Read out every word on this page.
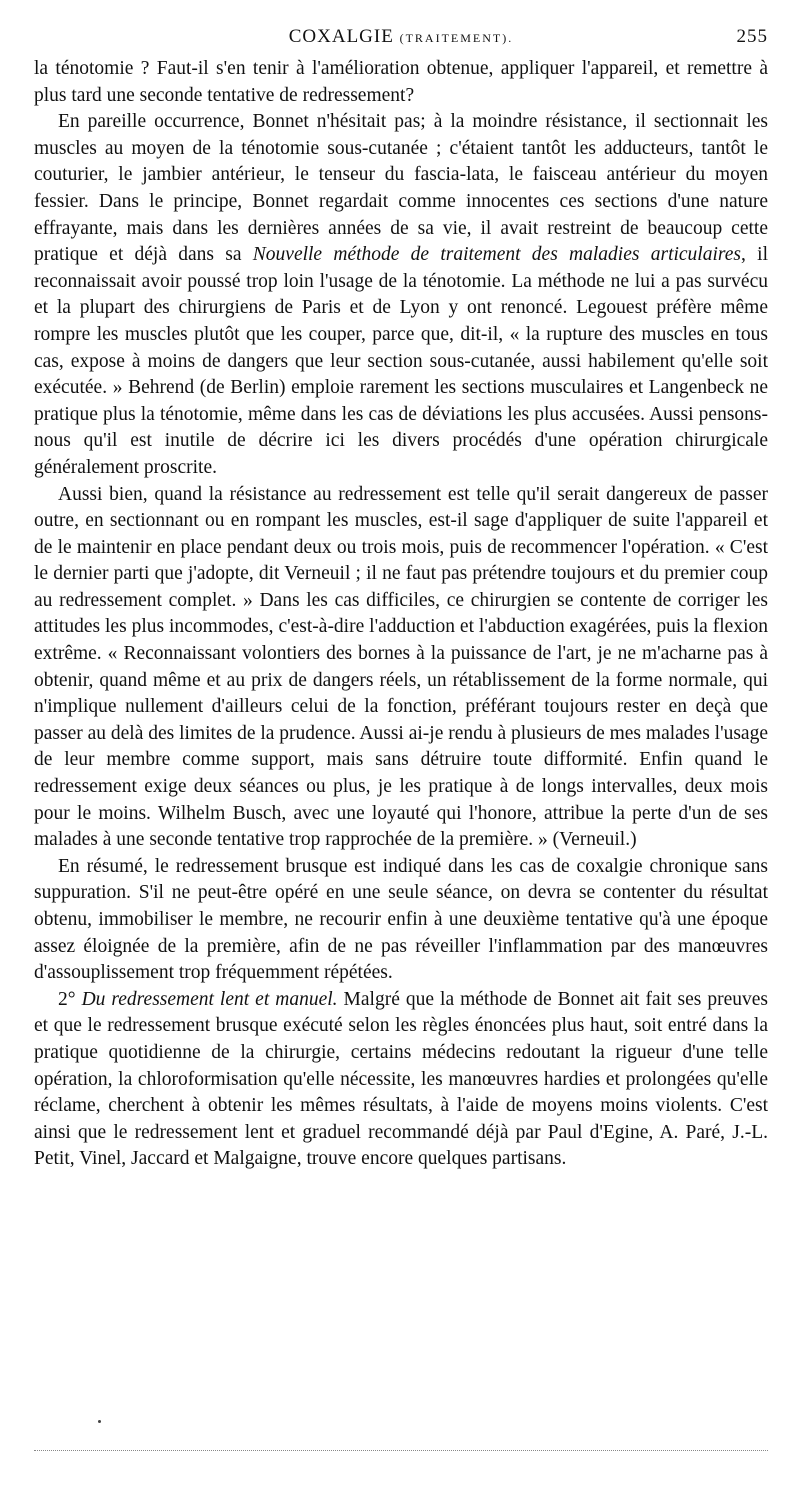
COXALGIE (TRAITEMENT).	255

la ténotomie ? Faut-il s'en tenir à l'amélioration obtenue, appliquer l'appareil, et remettre à plus tard une seconde tentative de redressement?

En pareille occurrence, Bonnet n'hésitait pas; à la moindre résistance, il sectionnait les muscles au moyen de la ténotomie sous-cutanée ; c'étaient tantôt les adducteurs, tantôt le couturier, le jambier antérieur, le tenseur du fascia-lata, le faisceau antérieur du moyen fessier. Dans le principe, Bonnet regardait comme innocentes ces sections d'une nature effrayante, mais dans les dernières années de sa vie, il avait restreint de beaucoup cette pratique et déjà dans sa Nouvelle méthode de traitement des maladies articulaires, il reconnaissait avoir poussé trop loin l'usage de la ténotomie. La méthode ne lui a pas survécu et la plupart des chirurgiens de Paris et de Lyon y ont renoncé. Legouest préfère même rompre les muscles plutôt que les couper, parce que, dit-il, « la rupture des muscles en tous cas, expose à moins de dangers que leur section sous-cutanée, aussi habilement qu'elle soit exécutée. » Behrend (de Berlin) emploie rarement les sections musculaires et Langenbeck ne pratique plus la ténotomie, même dans les cas de déviations les plus accusées. Aussi pensons-nous qu'il est inutile de décrire ici les divers procédés d'une opération chirurgicale généralement proscrite.

Aussi bien, quand la résistance au redressement est telle qu'il serait dangereux de passer outre, en sectionnant ou en rompant les muscles, est-il sage d'appliquer de suite l'appareil et de le maintenir en place pendant deux ou trois mois, puis de recommencer l'opération. « C'est le dernier parti que j'adopte, dit Verneuil ; il ne faut pas prétendre toujours et du premier coup au redressement complet. » Dans les cas difficiles, ce chirurgien se contente de corriger les attitudes les plus incommodes, c'est-à-dire l'adduction et l'abduction exagérées, puis la flexion extrême. « Reconnaissant volontiers des bornes à la puissance de l'art, je ne m'acharne pas à obtenir, quand même et au prix de dangers réels, un rétablissement de la forme normale, qui n'implique nullement d'ailleurs celui de la fonction, préférant toujours rester en deçà que passer au delà des limites de la prudence. Aussi ai-je rendu à plusieurs de mes malades l'usage de leur membre comme support, mais sans détruire toute difformité. Enfin quand le redressement exige deux séances ou plus, je les pratique à de longs intervalles, deux mois pour le moins. Wilhelm Busch, avec une loyauté qui l'honore, attribue la perte d'un de ses malades à une seconde tentative trop rapprochée de la première. » (Verneuil.)

En résumé, le redressement brusque est indiqué dans les cas de coxalgie chronique sans suppuration. S'il ne peut-être opéré en une seule séance, on devra se contenter du résultat obtenu, immobiliser le membre, ne recourir enfin à une deuxième tentative qu'à une époque assez éloignée de la première, afin de ne pas réveiller l'inflammation par des manœuvres d'assouplissement trop fréquemment répétées.

2° Du redressement lent et manuel. Malgré que la méthode de Bonnet ait fait ses preuves et que le redressement brusque exécuté selon les règles énoncées plus haut, soit entré dans la pratique quotidienne de la chirurgie, certains médecins redoutant la rigueur d'une telle opération, la chloroformisation qu'elle nécessite, les manœuvres hardies et prolongées qu'elle réclame, cherchent à obtenir les mêmes résultats, à l'aide de moyens moins violents. C'est ainsi que le redressement lent et graduel recommandé déjà par Paul d'Egine, A. Paré, J.-L. Petit, Vinel, Jaccard et Malgaigne, trouve encore quelques partisans.
